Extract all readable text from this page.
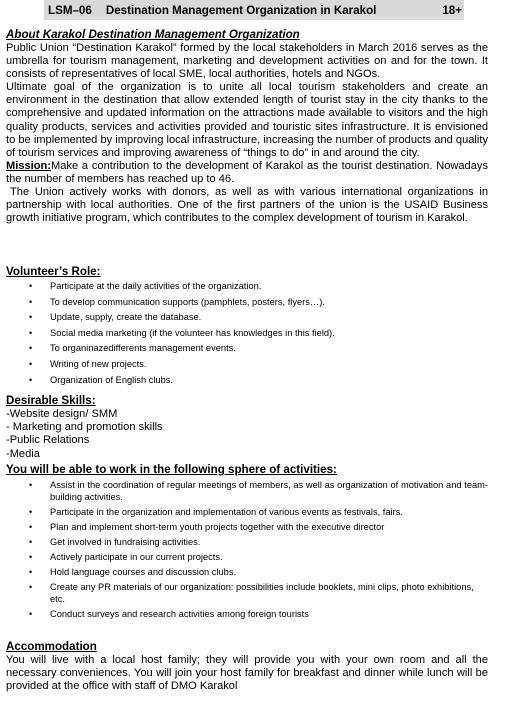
LSM–06 Destination Management Organization in Karakol	18+

About Karakol Destination Management Organization

Public Union “Destination Karakol” formed by the local stakeholders in March 2016 serves as the umbrella for tourism management, marketing and development activities on and for the town. It consists of representatives of local SME, local authorities, hotels and NGOs.

Ultimate goal of the organization is to unite all local tourism stakeholders and create an environment in the destination that allow extended length of tourist stay in the city thanks to the comprehensive and updated information on the attractions made available to visitors and the high quality products, services and activities provided and touristic sites infrastructure. It is envisioned to be implemented by improving local infrastructure, increasing the number of products and quality of tourism services and improving awareness of “things to do” in and around the city.

Mission:Make a contribution to the development of Karakol as the tourist destination. Nowadays the number of members has reached up to 46.

The Union actively works with donors, as well as with various international organizations in partnership with local authorities. One of the first partners of the union is the USAID Business growth initiative program, which contributes to the complex development of tourism in Karakol.

Volunteer’s Role:

• Participate at the daily activities of the organization.
• To develop communication supports (pamphlets, posters, flyers…).
• Update, supply, create the database.
• Social media marketing (if the volunteer has knowledges in this field).
• To organinazedifferents management events.
• Writing of new projects.
• Organization of English clubs.

Desirable Skills:

-Website design/ SMM

- Marketing and promotion skills

-Public Relations

-Media

You will be able to work in the following sphere of activities:

• Assist in the coordination of regular meetings of members, as well as organization of motivation and team-building activities.
• Participate in the organization and implementation of various events as festivals, fairs.
• Plan and implement short-term youth projects together with the executive director
• Get involved in fundraising activities.
• Actively participate in our current projects.
• Hold language courses and discussion clubs.
• Create any PR materials of our organization: possibilities include booklets, mini clips, photo exhibitions, etc.
• Conduct surveys and research activities among foreign tourists

Accommodation

You will live with a local host family; they will provide you with your own room and all the necessary conveniences. You will join your host family for breakfast and dinner while lunch will be provided at the office with staff of DMO Karakol
